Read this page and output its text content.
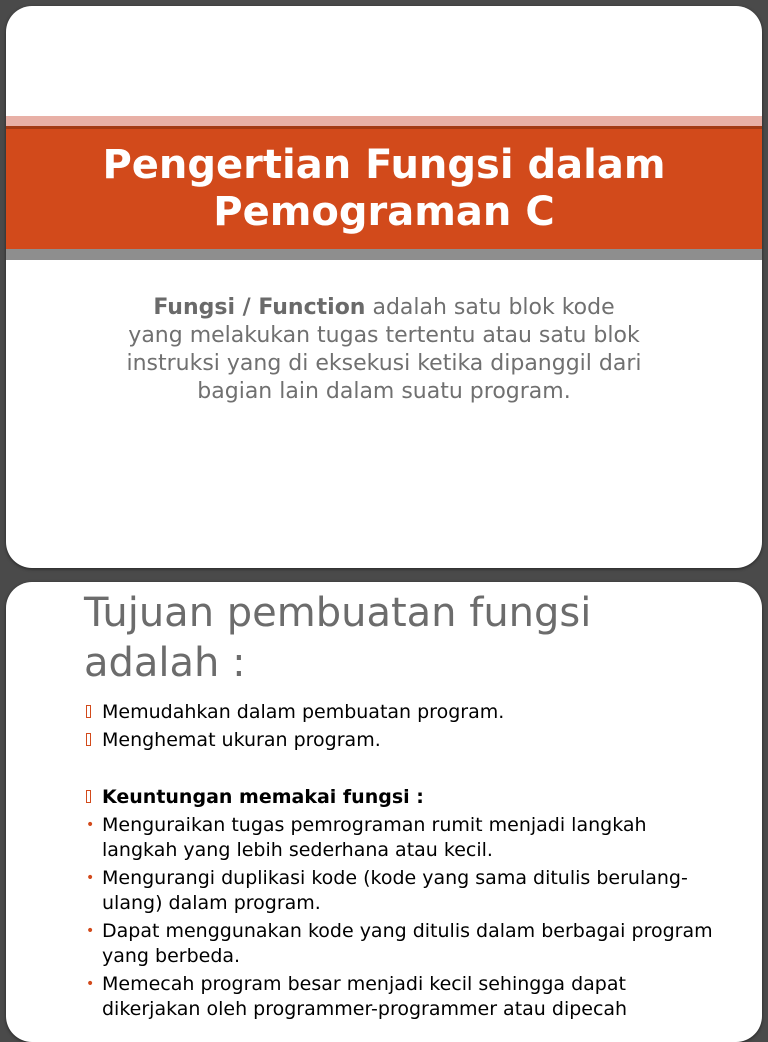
Pengertian Fungsi dalam
Pemograman C

Fungsi / Function adalah satu blok kode yang melakukan tugas tertentu atau satu blok instruksi yang di eksekusi ketika dipanggil dari bagian lain dalam suatu program.

Tujuan pembuatan fungsi
adalah :
Memudahkan dalam pembuatan program.
Menghemat ukuran program.
Keuntungan memakai fungsi :
• Menguraikan tugas pemrograman rumit menjadi langkah langkah yang lebih sederhana atau kecil.
• Mengurangi duplikasi kode (kode yang sama ditulis berulang-ulang) dalam program.
• Dapat menggunakan kode yang ditulis dalam berbagai program yang berbeda.
• Memecah program besar menjadi kecil sehingga dapat dikerjakan oleh programmer-programmer atau dipecah
